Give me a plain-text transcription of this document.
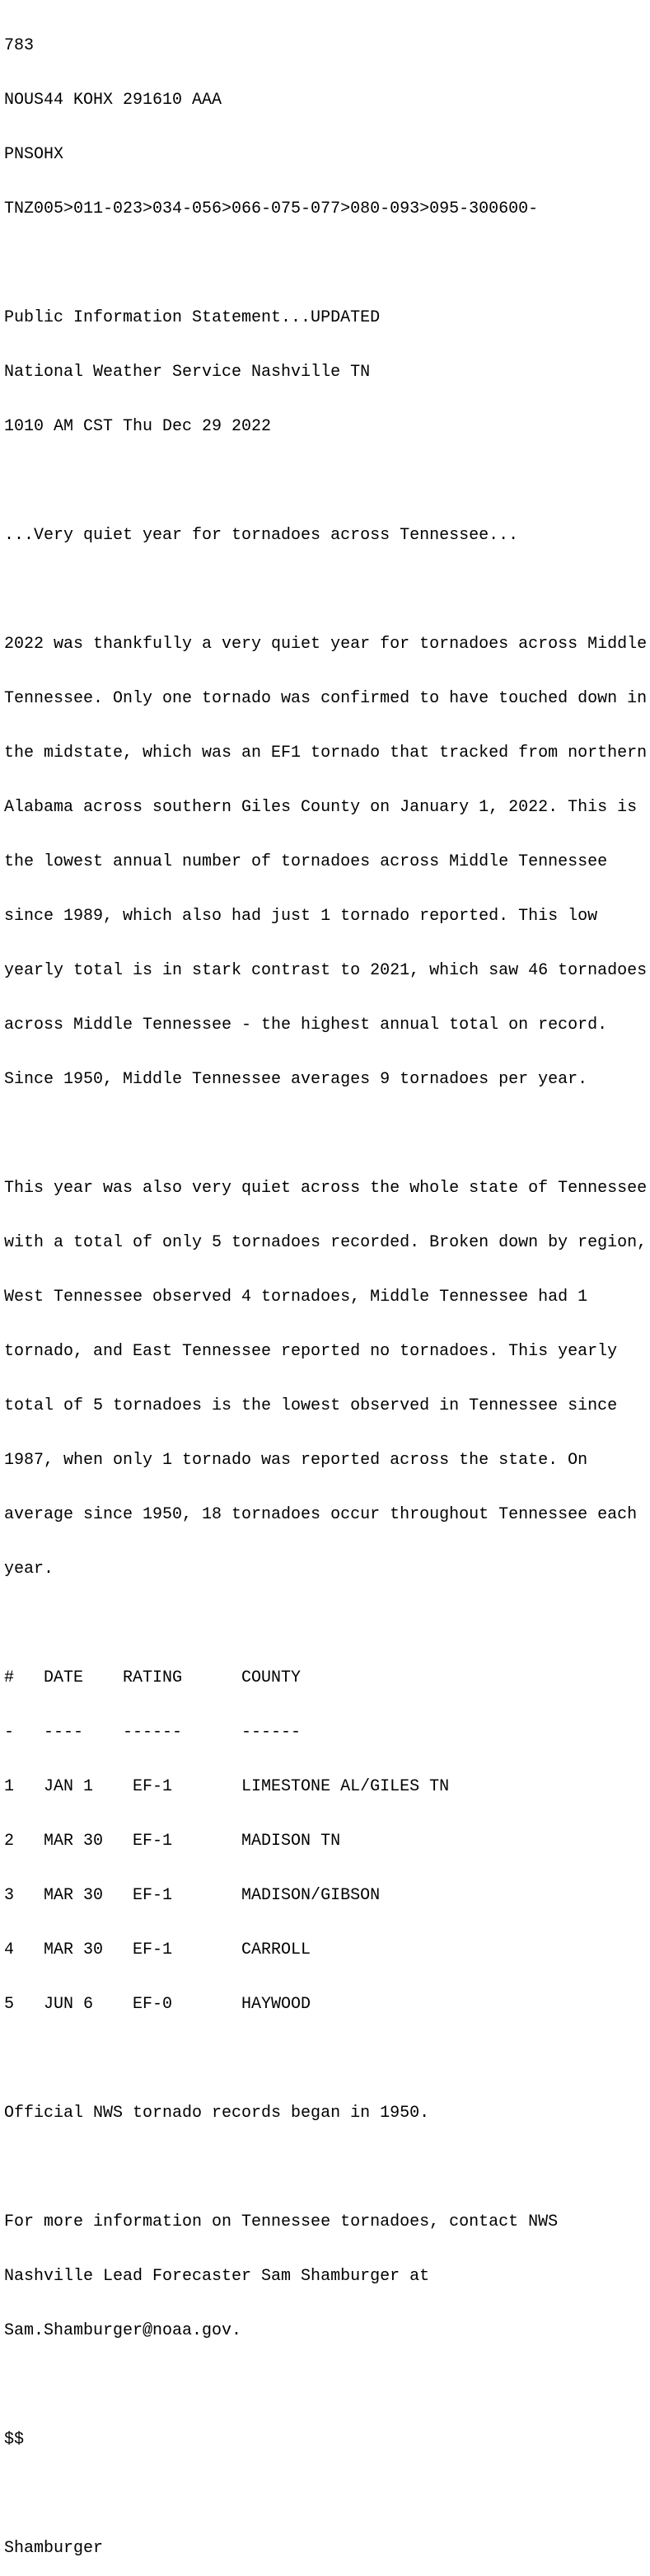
783

NOUS44 KOHX 291610 AAA

PNSOHX

TNZ005>011-023>034-056>066-075-077>080-093>095-300600-

Public Information Statement...UPDATED

National Weather Service Nashville TN

1010 AM CST Thu Dec 29 2022

...Very quiet year for tornadoes across Tennessee...

2022 was thankfully a very quiet year for tornadoes across Middle

Tennessee. Only one tornado was confirmed to have touched down in

the midstate, which was an EF1 tornado that tracked from northern

Alabama across southern Giles County on January 1, 2022. This is

the lowest annual number of tornadoes across Middle Tennessee

since 1989, which also had just 1 tornado reported. This low

yearly total is in stark contrast to 2021, which saw 46 tornadoes

across Middle Tennessee - the highest annual total on record.

Since 1950, Middle Tennessee averages 9 tornadoes per year.

This year was also very quiet across the whole state of Tennessee

with a total of only 5 tornadoes recorded. Broken down by region,

West Tennessee observed 4 tornadoes, Middle Tennessee had 1

tornado, and East Tennessee reported no tornadoes. This yearly

total of 5 tornadoes is the lowest observed in Tennessee since

1987, when only 1 tornado was reported across the state. On

average since 1950, 18 tornadoes occur throughout Tennessee each

year.

#   DATE    RATING      COUNTY

-   ----    ------      ------

1   JAN 1    EF-1       LIMESTONE AL/GILES TN

2   MAR 30   EF-1       MADISON TN

3   MAR 30   EF-1       MADISON/GIBSON

4   MAR 30   EF-1       CARROLL

5   JUN 6    EF-0       HAYWOOD

Official NWS tornado records began in 1950.

For more information on Tennessee tornadoes, contact NWS

Nashville Lead Forecaster Sam Shamburger at

Sam.Shamburger@noaa.gov.

$$

Shamburger
